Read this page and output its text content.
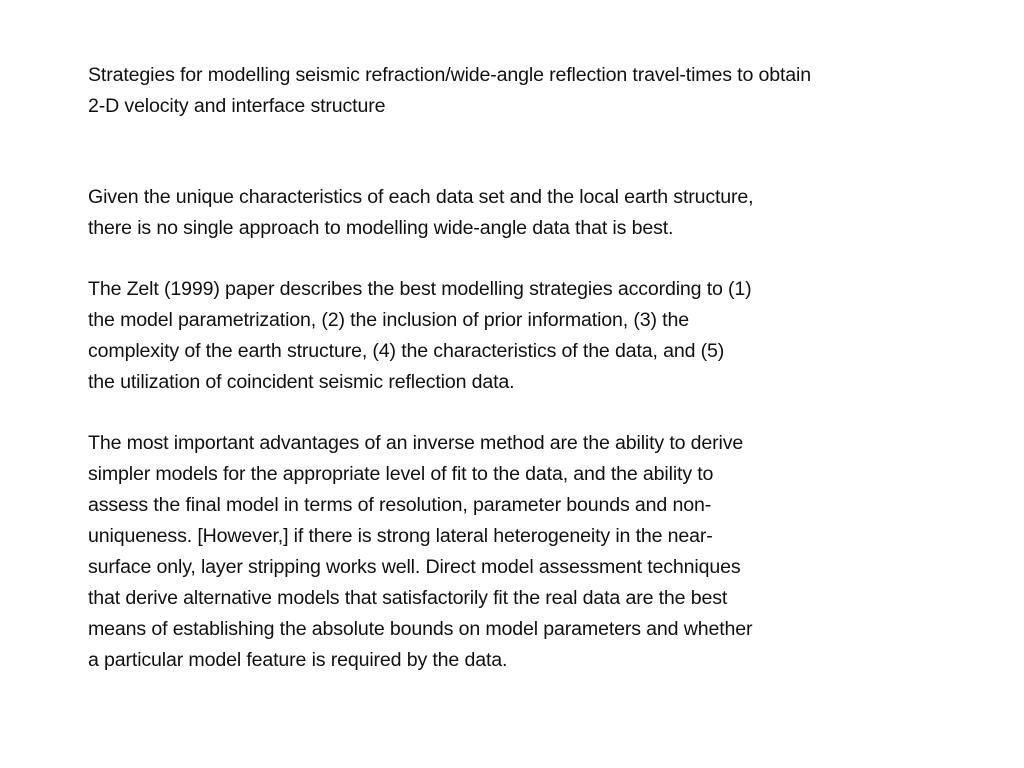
Strategies for modelling seismic refraction/wide-angle reflection travel-times to obtain
2-D velocity and interface structure
Given the unique characteristics of each data set and the local earth structure,
there is no single approach to modelling wide-angle data that is best.
The Zelt (1999) paper describes the best modelling strategies according to (1)
the model parametrization, (2) the inclusion of prior information, (3) the
complexity of the earth structure, (4) the characteristics of the data, and (5)
the utilization of coincident seismic reflection data.
The most important advantages of an inverse method are the ability to derive
simpler models for the appropriate level of fit to the data, and the ability to
assess the final model in terms of resolution, parameter bounds and non-
uniqueness. [However,] if there is strong lateral heterogeneity in the near-
surface only, layer stripping works well. Direct model assessment techniques
that derive alternative models that satisfactorily fit the real data are the best
means of establishing the absolute bounds on model parameters and whether
a particular model feature is required by the data.
